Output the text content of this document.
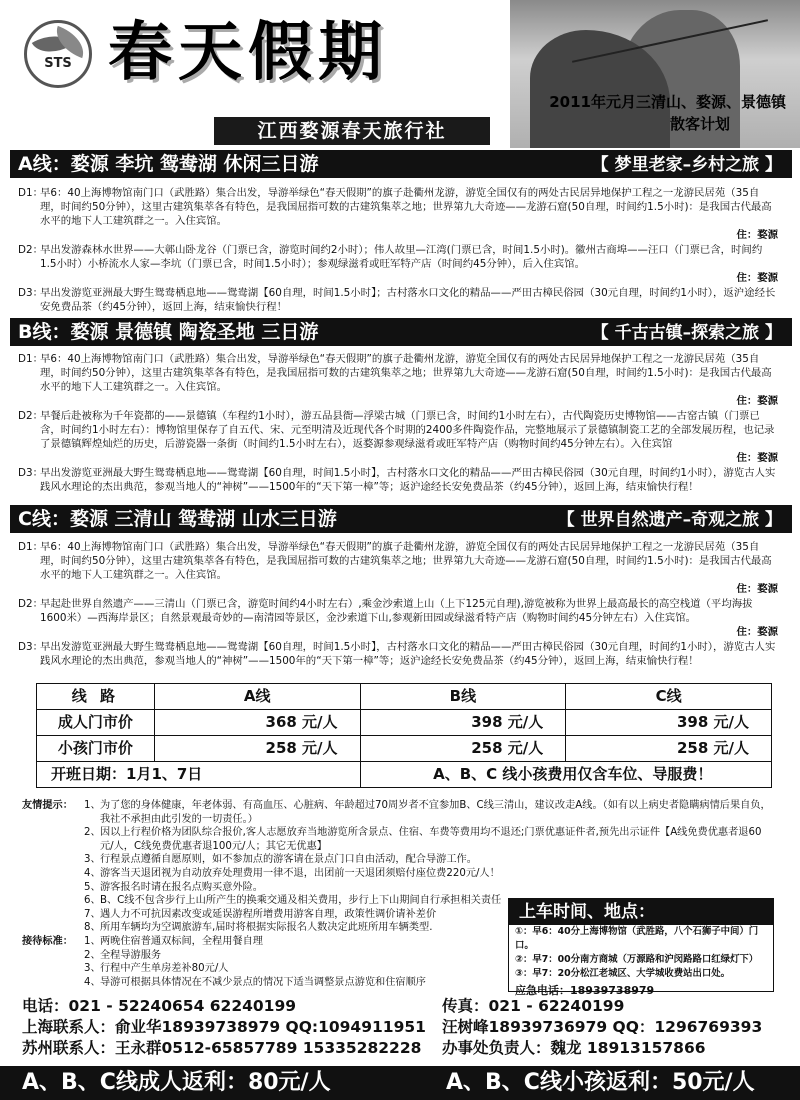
STS 春天假期
2011年元月三清山、婺源、景德镇
散客计划
江西婺源春天旅行社
A线：婺源 李坑 鸳鸯湖 休闲三日游	【 梦里老家–乡村之旅 】
D1：
早6：40上海博物馆南门口（武胜路）集合出发，导游举绿色“春天假期”的旗子赴衢州龙游，游览全国仅有的两处古民居异地保护工程之一龙游民居苑（35自理，时间约50分钟），这里古建筑集萃各有特色，是我国屈指可数的古建筑集萃之地；世界第九大奇迹——龙游石窟(50自理，时间约1.5小时)：是我国古代最高水平的地下人工建筑群之一。入住宾馆。
住：婺源
D2：
早出发游森林水世界——大鄣山卧龙谷（门票已含，游览时间约2小时）；伟人故里—江湾(门票已含，时间1.5小时)。徽州古商埠——汪口（门票已含，时间约1.5小时）小桥流水人家—李坑（门票已含，时间1.5小时）；参观绿滋肴或旺军特产店（时间约45分钟），后入住宾馆。
住：婺源
D3：
早出发游览亚洲最大野生鸳鸯栖息地——鸳鸯湖【60自理，时间1.5小时】；古村落水口文化的精品——严田古樟民俗园（30元自理，时间约1小时），返沪途经长安免费品茶（约45分钟），返回上海，结束愉快行程！
B线：婺源 景德镇 陶瓷圣地 三日游	【 千古古镇–探索之旅 】
D1：
早6：40上海博物馆南门口（武胜路）集合出发，导游举绿色“春天假期”的旗子赴衢州龙游，游览全国仅有的两处古民居异地保护工程之一龙游民居苑（35自理，时间约50分钟），这里古建筑集萃各有特色，是我国屈指可数的古建筑集萃之地；世界第九大奇迹——龙游石窟(50自理，时间约1.5小时)：是我国古代最高水平的地下人工建筑群之一。入住宾馆。
住：婺源
D2：
早餐后赴被称为千年瓷都的——景德镇（车程约1小时），游五品县衙—浮梁古城（门票已含，时间约1小时左右），古代陶瓷历史博物馆——古窑古镇（门票已含，时间约1小时左右）：博物馆里保存了自五代、宋、元至明清及近现代各个时期的2400多件陶瓷作品，完整地展示了景德镇制瓷工艺的全部发展历程，也记录了景德镇辉煌灿烂的历史，后游瓷器一条街（时间约1.5小时左右），返婺源参观绿滋肴或旺军特产店（购物时间约45分钟左右）。入住宾馆
住：婺源
D3：
早出发游览亚洲最大野生鸳鸯栖息地——鸳鸯湖【60自理，时间1.5小时】，古村落水口文化的精品——严田古樟民俗园（30元自理，时间约1小时），游览古人实践风水理论的杰出典范，参观当地人的“神树”——1500年的“天下第一樟”等；返沪途经长安免费品茶（约45分钟），返回上海，结束愉快行程！
C线：婺源 三清山 鸳鸯湖 山水三日游	【 世界自然遗产–奇观之旅 】
D1：
早6：40上海博物馆南门口（武胜路）集合出发，导游举绿色“春天假期”的旗子赴衢州龙游，游览全国仅有的两处古民居异地保护工程之一龙游民居苑（35自理，时间约50分钟），这里古建筑集萃各有特色，是我国屈指可数的古建筑集萃之地；世界第九大奇迹——龙游石窟(50自理，时间约1.5小时)：是我国古代最高水平的地下人工建筑群之一。入住宾馆。
住：婺源
D2：
早起赴世界自然遗产——三清山（门票已含，游览时间约4小时左右）,乘金沙索道上山（上下125元自理),游览被称为世界上最高最长的高空栈道（平均海拔1600米）—西海岸景区；自然景观最奇妙的—南清园等景区，金沙索道下山,参观新田园或绿滋肴特产店（购物时间约45分钟左右）入住宾馆。
住：婺源
D3：
早出发游览亚洲最大野生鸳鸯栖息地——鸳鸯湖【60自理，时间1.5小时】，古村落水口文化的精品——严田古樟民俗园（30元自理，时间约1小时），游览古人实践风水理论的杰出典范，参观当地人的“神树”——1500年的“天下第一樟”等；返沪途经长安免费品茶（约45分钟），返回上海，结束愉快行程！
线 路	A线	B线	C线
成人门市价	368 元/人	398 元/人	398 元/人
小孩门市价	258 元/人	258 元/人	258 元/人
开班日期：1月1、7日		A、B、C 线小孩费用仅含车位、导服费！	
友情提示：	1、 为了您的身体健康，年老体弱、有高血压、心脏病、年龄超过70周岁者不宜参加B、C线三清山，建议改走A线。（如有以上病史者隐瞒病情后果自负，我社不承担由此引发的一切责任。）
2、 因以上行程价格为团队综合报价,客人志愿放弃当地游览所含景点、住宿、车费等费用均不退还;门票优惠证件者,预先出示证件【A线免费优惠者退60元/人，C线免费优惠者退100元/人；其它无优惠】
3、 行程景点遵循自愿原则，如不参加点的游客请在景点门口自由活动，配合导游工作。
4、 游客当天退团视为自动放弃处理费用一律不退，出团前一天退团须赔付座位费220元/人！
5、 游客报名时请在报名点购买意外险。
6、 B、C线不包含步行上山所产生的换乘交通及相关费用，步行上下山期间自行承担相关责任
7、 遇人力不可抗因素改变或延误游程所增费用游客自理，政策性调价请补差价
8、 所用车辆均为空调旅游车,届时将根据实际报名人数决定此班所用车辆类型.
接待标准：	1、 两晚住宿普通双标间，全程用餐自理
2、 全程导游服务
3、 行程中产生单房差补80元/人
4、 导游可根据具体情况在不减少景点的情况下适当调整景点游览和住宿顺序
上车时间、地点：
①：早6：40分上海博物馆（武胜路，八个石狮子中间）门口。
②：早7：00分南方商城（万源路和沪闵路路口红绿灯下）
③：早7：20分松江老城区、大学城收费站出口处。
应急电话：18939738979
电话：021 - 52240654 62240199	传真：021 - 62240199
上海联系人：俞业华18939738979 QQ:1094911951	汪树峰18939736979 QQ：1296769393
苏州联系人：王永群0512-65857789 15335282228	办事处负责人：魏龙 18913157866
A、B、C线成人返利：80元/人	A、B、C线小孩返利：50元/人
